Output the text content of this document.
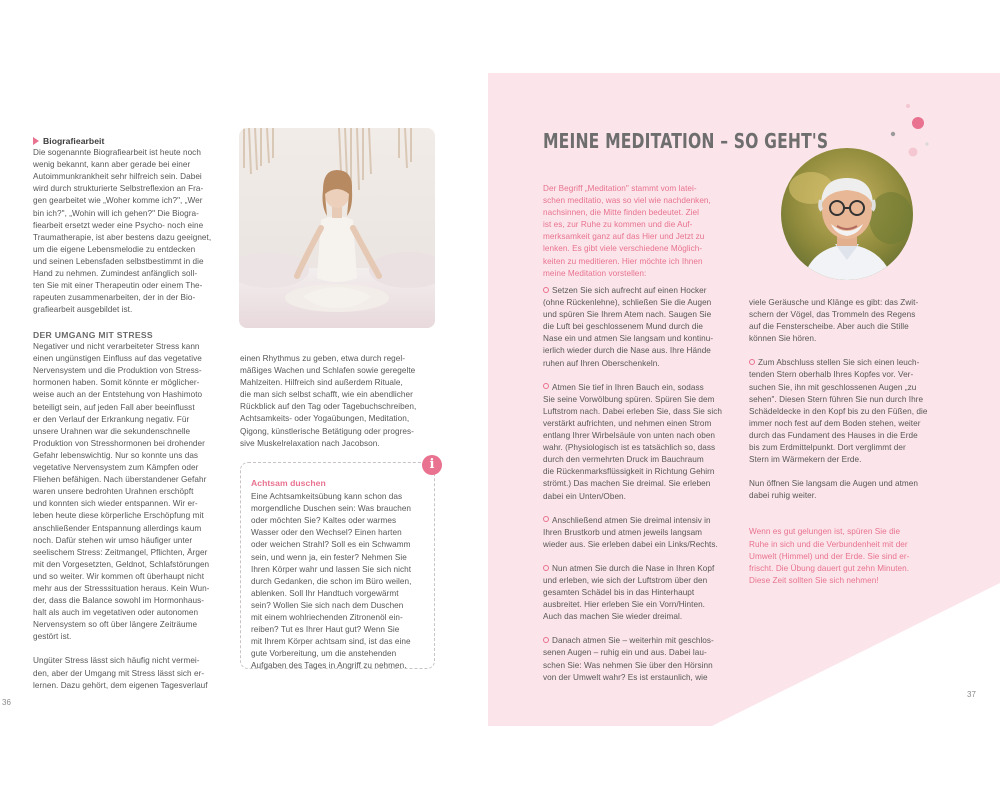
Biografiearbeit

Die sogenannte Biografiearbeit ist heute noch

wenig bekannt, kann aber gerade bei einer

Autoimmunkrankheit sehr hilfreich sein. Dabei

wird durch strukturierte Selbstreflexion an Fra-

gen gearbeitet wie „Woher komme ich?", „Wer

bin ich?", „Wohin will ich gehen?" Die Biogra-

fiearbeit ersetzt weder eine Psycho- noch eine

Traumatherapie, ist aber bestens dazu geeignet,

um die eigene Lebensmelodie zu entdecken

und seinen Lebensfaden selbstbestimmt in die

Hand zu nehmen. Zumindest anfänglich soll-

ten Sie mit einer Therapeutin oder einem The-

rapeuten zusammenarbeiten, der in der Bio-

grafiearbeit ausgebildet ist.

DER UMGANG MIT STRESS

Negativer und nicht verarbeiteter Stress kann

einen ungünstigen Einfluss auf das vegetative

Nervensystem und die Produktion von Stress-

hormonen haben. Somit könnte er möglicher-

weise auch an der Entstehung von Hashimoto

beteiligt sein, auf jeden Fall aber beeinflusst

er den Verlauf der Erkrankung negativ. Für

unsere Urahnen war die sekundenschnelle

Produktion von Stresshormonen bei drohender

Gefahr lebenswichtig. Nur so konnte uns das

vegetative Nervensystem zum Kämpfen oder

Fliehen befähigen. Nach überstandener Gefahr

waren unsere bedrohten Urahnen erschöpft

und konnten sich wieder entspannen. Wir er-

leben heute diese körperliche Erschöpfung mit

anschließender Entspannung allerdings kaum

noch. Dafür stehen wir umso häufiger unter

seelischem Stress: Zeitmangel, Pflichten, Ärger

mit den Vorgesetzten, Geldnot, Schlafstörungen

und so weiter. Wir kommen oft überhaupt nicht

mehr aus der Stresssituation heraus. Kein Wun-

der, dass die Balance sowohl im Hormonhaus-

halt als auch im vegetativen oder autonomen

Nervensystem so oft über längere Zeiträume

gestört ist.

Ungüter Stress lässt sich häufig nicht vermei-

den, aber der Umgang mit Stress lässt sich er-

lernen. Dazu gehört, dem eigenen Tagesverlauf

einen Rhythmus zu geben, etwa durch regel-

mäßiges Wachen und Schlafen sowie geregelte

Mahlzeiten. Hilfreich sind außerdem Rituale,

die man sich selbst schafft, wie ein abendlicher

Rückblick auf den Tag oder Tagebuchschreiben,

Achtsamkeits- oder Yogaübungen, Meditation,

Qigong, künstlerische Betätigung oder progres-

sive Muskelrelaxation nach Jacobson.

i
Achtsam duschen

Eine Achtsamkeitsübung kann schon das

morgendliche Duschen sein: Was brauchen

oder möchten Sie? Kaltes oder warmes

Wasser oder den Wechsel? Einen harten

oder weichen Strahl? Soll es ein Schwamm

sein, und wenn ja, ein fester? Nehmen Sie

Ihren Körper wahr und lassen Sie sich nicht

durch Gedanken, die schon im Büro weilen,

ablenken. Soll Ihr Handtuch vorgewärmt

sein? Wollen Sie sich nach dem Duschen

mit einem wohlriechenden Zitronenöl ein-

reiben? Tut es Ihrer Haut gut? Wenn Sie

mit Ihrem Körper achtsam sind, ist das eine

gute Vorbereitung, um die anstehenden

Aufgaben des Tages in Angriff zu nehmen.

36
MEINE MEDITATION – SO GEHT'S

Der Begriff „Meditation" stammt vom latei-

schen meditatio, was so viel wie nachdenken,

nachsinnen, die Mitte finden bedeutet. Ziel

ist es, zur Ruhe zu kommen und die Auf-

merksamkeit ganz auf das Hier und Jetzt zu

lenken. Es gibt viele verschiedene Möglich-

keiten zu meditieren. Hier möchte ich Ihnen

meine Meditation vorstellen:

Setzen Sie sich aufrecht auf einen Hocker

(ohne Rückenlehne), schließen Sie die Augen

und spüren Sie Ihrem Atem nach. Saugen Sie

die Luft bei geschlossenem Mund durch die

Nase ein und atmen Sie langsam und kontinu-

ierlich wieder durch die Nase aus. Ihre Hände

ruhen auf Ihren Oberschenkeln.

Atmen Sie tief in Ihren Bauch ein, sodass

Sie seine Vorwölbung spüren. Spüren Sie dem

Luftstrom nach. Dabei erleben Sie, dass Sie sich

verstärkt aufrichten, und nehmen einen Strom

entlang Ihrer Wirbelsäule von unten nach oben

wahr. (Physiologisch ist es tatsächlich so, dass

durch den vermehrten Druck im Bauchraum

die Rückenmarksflüssigkeit in Richtung Gehirn

strömt.) Das machen Sie dreimal. Sie erleben

dabei ein Unten/Oben.

Anschließend atmen Sie dreimal intensiv in

Ihren Brustkorb und atmen jeweils langsam

wieder aus. Sie erleben dabei ein Links/Rechts.

Nun atmen Sie durch die Nase in Ihren Kopf

und erleben, wie sich der Luftstrom über den

gesamten Schädel bis in das Hinterhaupt

ausbreitet. Hier erleben Sie ein Vorn/Hinten.

Auch das machen Sie wieder dreimal.

Danach atmen Sie – weiterhin mit geschlos-

senen Augen – ruhig ein und aus. Dabei lau-

schen Sie: Was nehmen Sie über den Hörsinn

von der Umwelt wahr? Es ist erstaunlich, wie

viele Geräusche und Klänge es gibt: das Zwit-

schern der Vögel, das Trommeln des Regens

auf die Fensterscheibe. Aber auch die Stille

können Sie hören.

Zum Abschluss stellen Sie sich einen leuch-

tenden Stern oberhalb Ihres Kopfes vor. Ver-

suchen Sie, ihn mit geschlossenen Augen „zu

sehen". Diesen Stern führen Sie nun durch Ihre

Schädeldecke in den Kopf bis zu den Füßen, die

immer noch fest auf dem Boden stehen, weiter

durch das Fundament des Hauses in die Erde

bis zum Erdmittelpunkt. Dort verglimmt der

Stern im Wärmekern der Erde.

Nun öffnen Sie langsam die Augen und atmen

dabei ruhig weiter.

Wenn es gut gelungen ist, spüren Sie die

Ruhe in sich und die Verbundenheit mit der

Umwelt (Himmel) und der Erde. Sie sind er-

frischt. Die Übung dauert gut zehn Minuten.

Diese Zeit sollten Sie sich nehmen!

37
